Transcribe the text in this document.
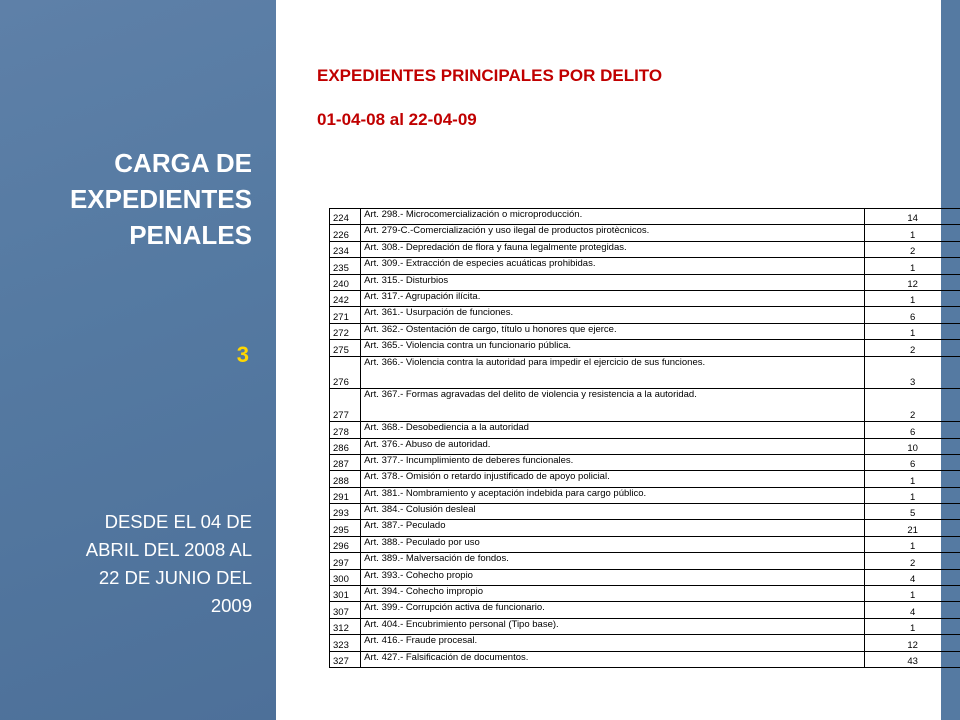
CARGA DE
EXPEDIENTES
PENALES
3
DESDE EL 04 DE
ABRIL DEL 2008 AL
22 DE JUNIO DEL
2009
EXPEDIENTES PRINCIPALES POR DELITO
01-04-08 al 22-04-09
224	Art. 298.- Microcomercialización o microproducción.	14
226	Art. 279-C.-Comercialización y uso ilegal de productos pirotècnicos.	1
234	Art. 308.- Depredación de flora y fauna legalmente protegidas.	2
235	Art. 309.- Extracción de especies acuáticas prohibidas.	1
240	Art. 315.- Disturbios	12
242	Art. 317.- Agrupación ilícita.	1
271	Art. 361.- Usurpación de funciones.	6
272	Art. 362.- Ostentación de cargo, título u honores que ejerce.	1
275	Art. 365.- Violencia contra un funcionario pública.	2
276	Art. 366.- Violencia contra la autoridad para impedir el ejercicio de sus funciones.	3
277	Art. 367.- Formas agravadas del delito de violencia y resistencia a la autoridad.	2
278	Art. 368.- Desobediencia a la autoridad	6
286	Art. 376.- Abuso de autoridad.	10
287	Art. 377.- Incumplimiento de deberes funcionales.	6
288	Art. 378.- Omisión o retardo injustificado de apoyo policial.	1
291	Art. 381.- Nombramiento y aceptación indebida para cargo público.	1
293	Art. 384.- Colusión desleal	5
295	Art. 387.- Peculado	21
296	Art. 388.- Peculado por uso	1
297	Art. 389.- Malversación de fondos.	2
300	Art. 393.- Cohecho propio	4
301	Art. 394.- Cohecho impropio	1
307	Art. 399.- Corrupción activa de funcionario.	4
312	Art. 404.- Encubrimiento personal (Tipo base).	1
323	Art. 416.- Fraude procesal.	12
327	Art. 427.- Falsificación de documentos.	43
